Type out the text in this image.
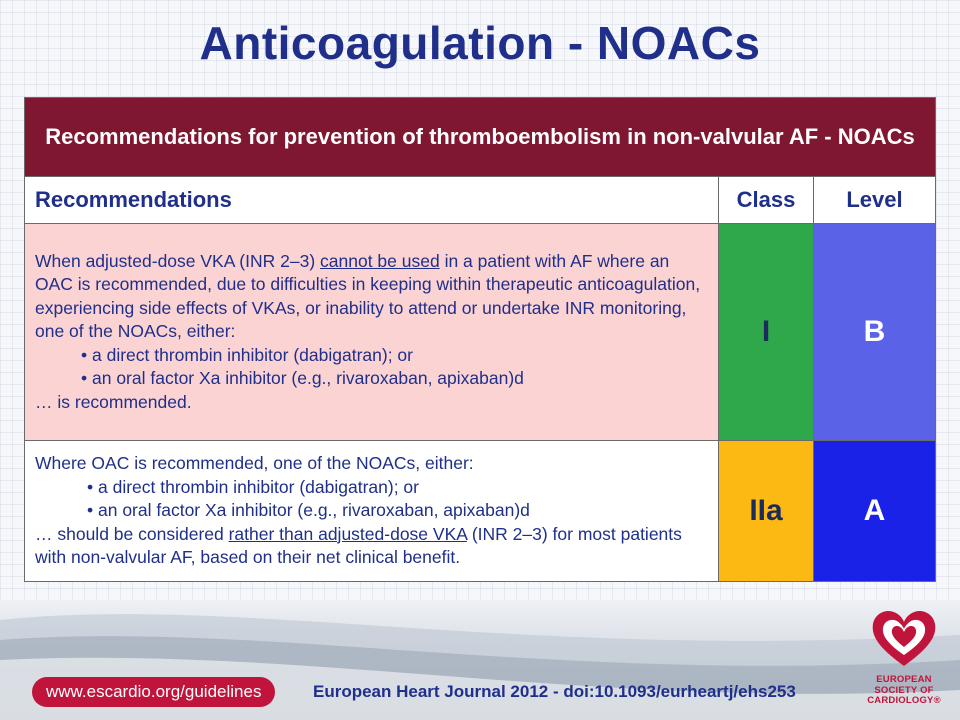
Anticoagulation - NOACs
Recommendations for prevention of thromboembolism in non-valvular AF - NOACs		
Recommendations	Class	Level
When adjusted-dose VKA (INR 2–3) cannot be used in a patient with AF where an OAC is recommended, due to difficulties in keeping within therapeutic anticoagulation, experiencing side effects of VKAs, or inability to attend or undertake INR monitoring, one of the NOACs, either:
• a direct thrombin inhibitor (dabigatran); or
• an oral factor Xa inhibitor (e.g., rivaroxaban, apixaban)d
… is recommended.	I	B

Where OAC is recommended, one of the NOACs, either:
• a direct thrombin inhibitor (dabigatran); or
• an oral factor Xa inhibitor (e.g., rivaroxaban, apixaban)d
… should be considered rather than adjusted-dose VKA (INR 2–3) for most patients with non-valvular AF, based on their net clinical benefit.	IIa	A
www.escardio.org/guidelines	European Heart Journal 2012 - doi:10.1093/eurheartj/ehs253
EUROPEAN
SOCIETY OF
CARDIOLOGY®
